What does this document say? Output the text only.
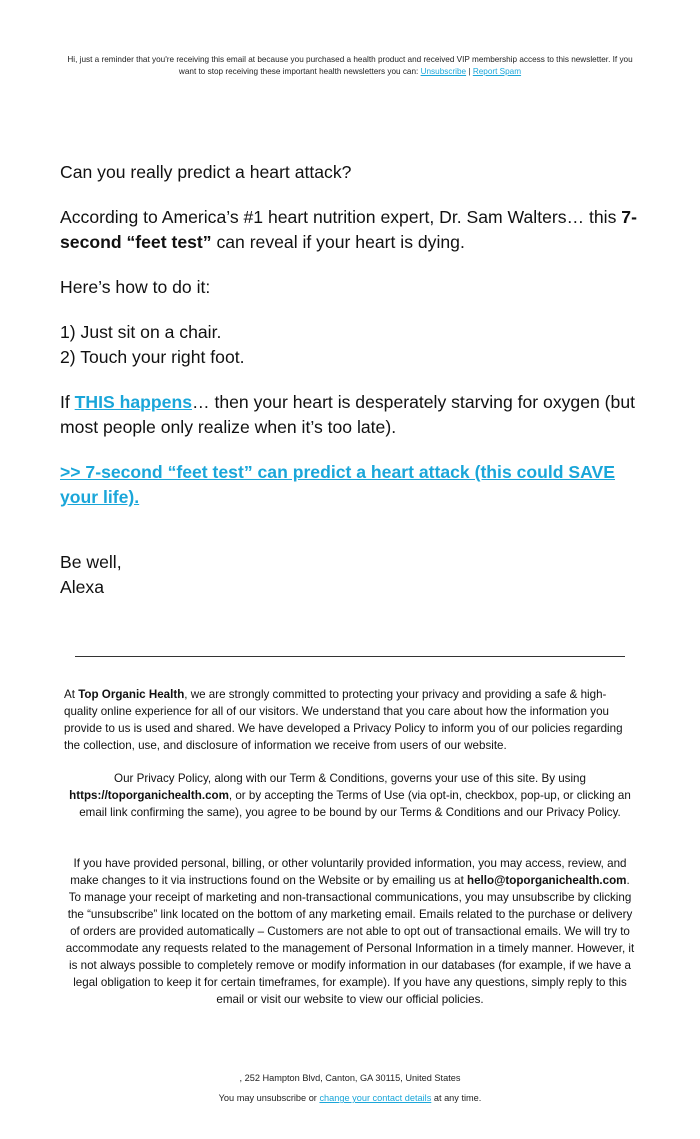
Hi, just a reminder that you're receiving this email at because you purchased a health product and received VIP membership access to this newsletter. If you want to stop receiving these important health newsletters you can: Unsubscribe | Report Spam

Can you really predict a heart attack?

According to America’s #1 heart nutrition expert, Dr. Sam Walters… this 7-second “feet test” can reveal if your heart is dying.

Here’s how to do it:

1) Just sit on a chair.
2) Touch your right foot.

If THIS happens… then your heart is desperately starving for oxygen (but most people only realize when it’s too late).

>> 7-second “feet test” can predict a heart attack (this could SAVE your life).

Be well,
Alexa

At Top Organic Health, we are strongly committed to protecting your privacy and providing a safe & high-quality online experience for all of our visitors. We understand that you care about how the information you provide to us is used and shared. We have developed a Privacy Policy to inform you of our policies regarding the collection, use, and disclosure of information we receive from users of our website.
Our Privacy Policy, along with our Term & Conditions, governs your use of this site. By using https://toporganichealth.com, or by accepting the Terms of Use (via opt-in, checkbox, pop-up, or clicking an email link confirming the same), you agree to be bound by our Terms & Conditions and our Privacy Policy.
If you have provided personal, billing, or other voluntarily provided information, you may access, review, and make changes to it via instructions found on the Website or by emailing us at hello@toporganichealth.com. To manage your receipt of marketing and non-transactional communications, you may unsubscribe by clicking the “unsubscribe” link located on the bottom of any marketing email. Emails related to the purchase or delivery of orders are provided automatically – Customers are not able to opt out of transactional emails. We will try to accommodate any requests related to the management of Personal Information in a timely manner. However, it is not always possible to completely remove or modify information in our databases (for example, if we have a legal obligation to keep it for certain timeframes, for example). If you have any questions, simply reply to this email or visit our website to view our official policies.
, 252 Hampton Blvd, Canton, GA 30115, United States
You may unsubscribe or change your contact details at any time.
